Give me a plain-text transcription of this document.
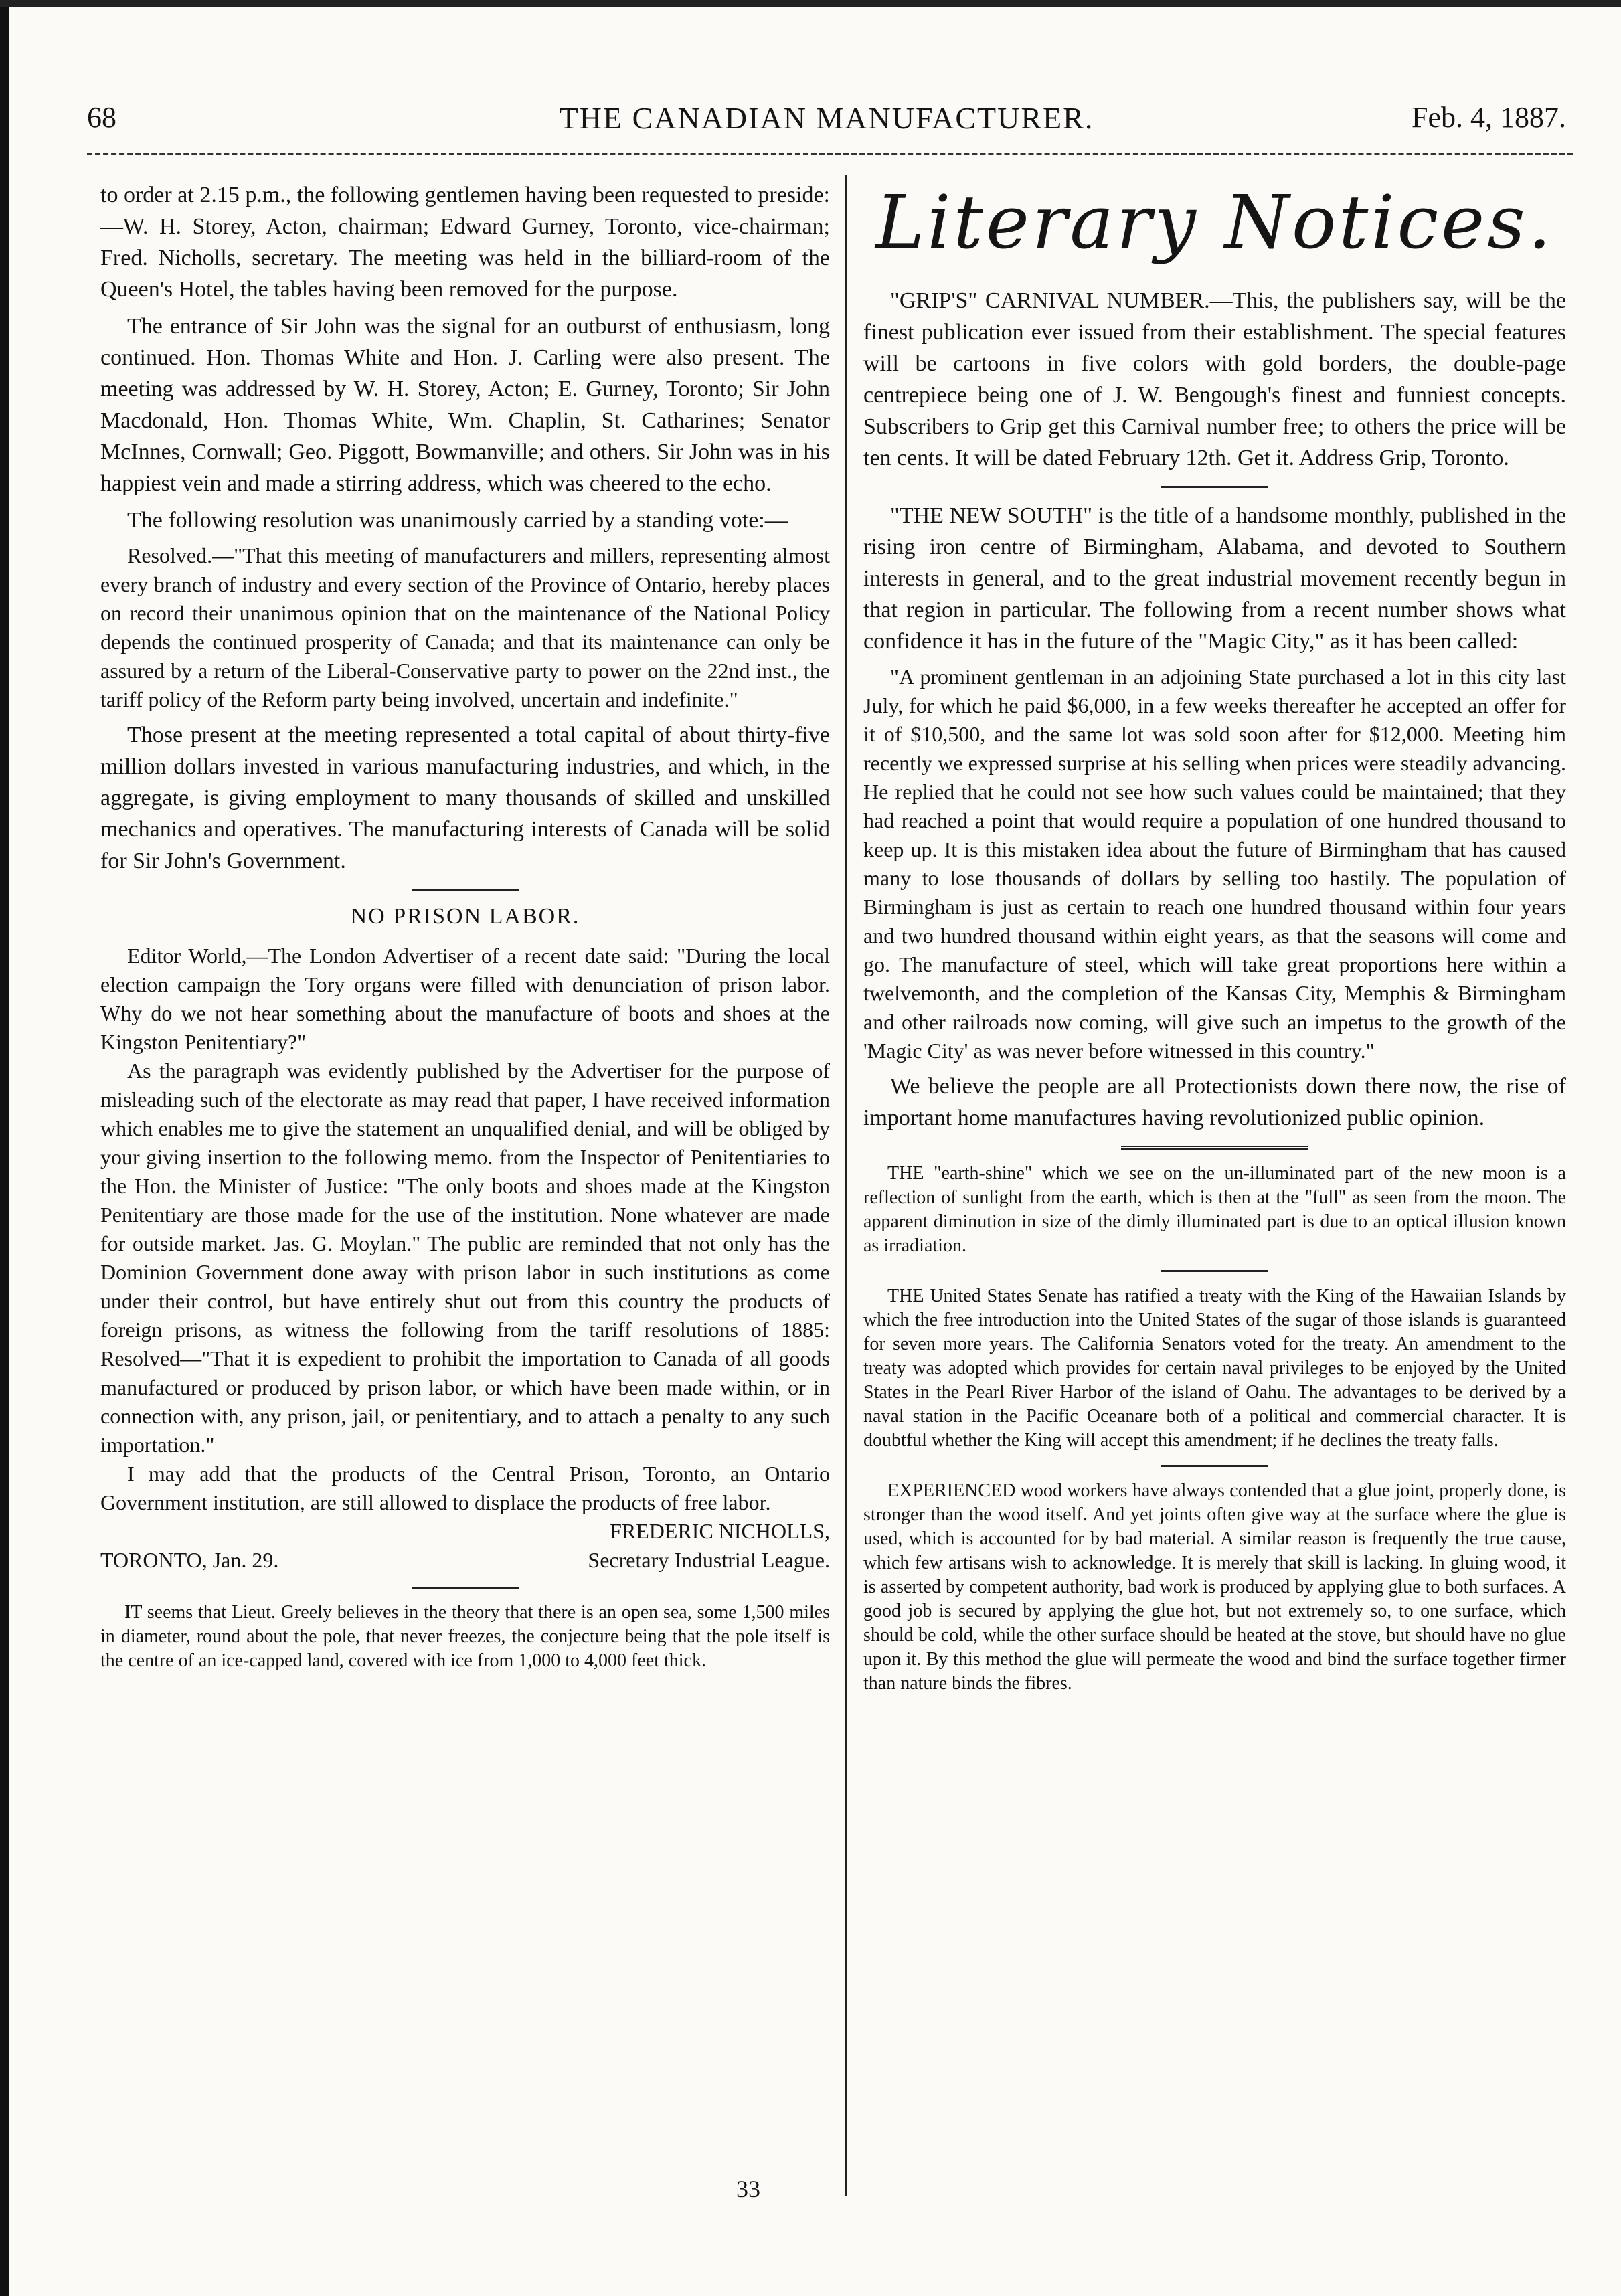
68	THE CANADIAN MANUFACTURER.	Feb. 4, 1887.

to order at 2.15 p.m., the following gentlemen having been requested to preside:—W. H. Storey, Acton, chairman; Edward Gurney, Toronto, vice-chairman; Fred. Nicholls, secretary. The meeting was held in the billiard-room of the Queen's Hotel, the tables having been removed for the purpose.

The entrance of Sir John was the signal for an outburst of enthusiasm, long continued. Hon. Thomas White and Hon. J. Carling were also present. The meeting was addressed by W. H. Storey, Acton; E. Gurney, Toronto; Sir John Macdonald, Hon. Thomas White, Wm. Chaplin, St. Catharines; Senator McInnes, Cornwall; Geo. Piggott, Bowmanville; and others. Sir John was in his happiest vein and made a stirring address, which was cheered to the echo.

The following resolution was unanimously carried by a standing vote:—

Resolved.—"That this meeting of manufacturers and millers, representing almost every branch of industry and every section of the Province of Ontario, hereby places on record their unanimous opinion that on the maintenance of the National Policy depends the continued prosperity of Canada; and that its maintenance can only be assured by a return of the Liberal-Conservative party to power on the 22nd inst., the tariff policy of the Reform party being involved, uncertain and indefinite."

Those present at the meeting represented a total capital of about thirty-five million dollars invested in various manufacturing industries, and which, in the aggregate, is giving employment to many thousands of skilled and unskilled mechanics and operatives. The manufacturing interests of Canada will be solid for Sir John's Government.

NO PRISON LABOR.

Editor World,—The London Advertiser of a recent date said: "During the local election campaign the Tory organs were filled with denunciation of prison labor. Why do we not hear something about the manufacture of boots and shoes at the Kingston Penitentiary?"

As the paragraph was evidently published by the Advertiser for the purpose of misleading such of the electorate as may read that paper, I have received information which enables me to give the statement an unqualified denial, and will be obliged by your giving insertion to the following memo. from the Inspector of Penitentiaries to the Hon. the Minister of Justice: "The only boots and shoes made at the Kingston Penitentiary are those made for the use of the institution. None whatever are made for outside market. Jas. G. Moylan." The public are reminded that not only has the Dominion Government done away with prison labor in such institutions as come under their control, but have entirely shut out from this country the products of foreign prisons, as witness the following from the tariff resolutions of 1885: Resolved—"That it is expedient to prohibit the importation to Canada of all goods manufactured or produced by prison labor, or which have been made within, or in connection with, any prison, jail, or penitentiary, and to attach a penalty to any such importation."

I may add that the products of the Central Prison, Toronto, an Ontario Government institution, are still allowed to displace the products of free labor.

FREDERIC NICHOLLS,
TORONTO, Jan. 29.	Secretary Industrial League.

IT seems that Lieut. Greely believes in the theory that there is an open sea, some 1,500 miles in diameter, round about the pole, that never freezes, the conjecture being that the pole itself is the centre of an ice-capped land, covered with ice from 1,000 to 4,000 feet thick.

Literary Notices.

"GRIP'S" CARNIVAL NUMBER.—This, the publishers say, will be the finest publication ever issued from their establishment. The special features will be cartoons in five colors with gold borders, the double-page centrepiece being one of J. W. Bengough's finest and funniest concepts. Subscribers to Grip get this Carnival number free; to others the price will be ten cents. It will be dated February 12th. Get it. Address Grip, Toronto.

"THE NEW SOUTH" is the title of a handsome monthly, published in the rising iron centre of Birmingham, Alabama, and devoted to Southern interests in general, and to the great industrial movement recently begun in that region in particular. The following from a recent number shows what confidence it has in the future of the "Magic City," as it has been called:

"A prominent gentleman in an adjoining State purchased a lot in this city last July, for which he paid $6,000, in a few weeks thereafter he accepted an offer for it of $10,500, and the same lot was sold soon after for $12,000. Meeting him recently we expressed surprise at his selling when prices were steadily advancing. He replied that he could not see how such values could be maintained; that they had reached a point that would require a population of one hundred thousand to keep up. It is this mistaken idea about the future of Birmingham that has caused many to lose thousands of dollars by selling too hastily. The population of Birmingham is just as certain to reach one hundred thousand within four years and two hundred thousand within eight years, as that the seasons will come and go. The manufacture of steel, which will take great proportions here within a twelvemonth, and the completion of the Kansas City, Memphis & Birmingham and other railroads now coming, will give such an impetus to the growth of the 'Magic City' as was never before witnessed in this country."

We believe the people are all Protectionists down there now, the rise of important home manufactures having revolutionized public opinion.

THE "earth-shine" which we see on the un-illuminated part of the new moon is a reflection of sunlight from the earth, which is then at the "full" as seen from the moon. The apparent diminution in size of the dimly illuminated part is due to an optical illusion known as irradiation.

THE United States Senate has ratified a treaty with the King of the Hawaiian Islands by which the free introduction into the United States of the sugar of those islands is guaranteed for seven more years. The California Senators voted for the treaty. An amendment to the treaty was adopted which provides for certain naval privileges to be enjoyed by the United States in the Pearl River Harbor of the island of Oahu. The advantages to be derived by a naval station in the Pacific Oceanare both of a political and commercial character. It is doubtful whether the King will accept this amendment; if he declines the treaty falls.

EXPERIENCED wood workers have always contended that a glue joint, properly done, is stronger than the wood itself. And yet joints often give way at the surface where the glue is used, which is accounted for by bad material. A similar reason is frequently the true cause, which few artisans wish to acknowledge. It is merely that skill is lacking. In gluing wood, it is asserted by competent authority, bad work is produced by applying glue to both surfaces. A good job is secured by applying the glue hot, but not extremely so, to one surface, which should be cold, while the other surface should be heated at the stove, but should have no glue upon it. By this method the glue will permeate the wood and bind the surface together firmer than nature binds the fibres.

33
